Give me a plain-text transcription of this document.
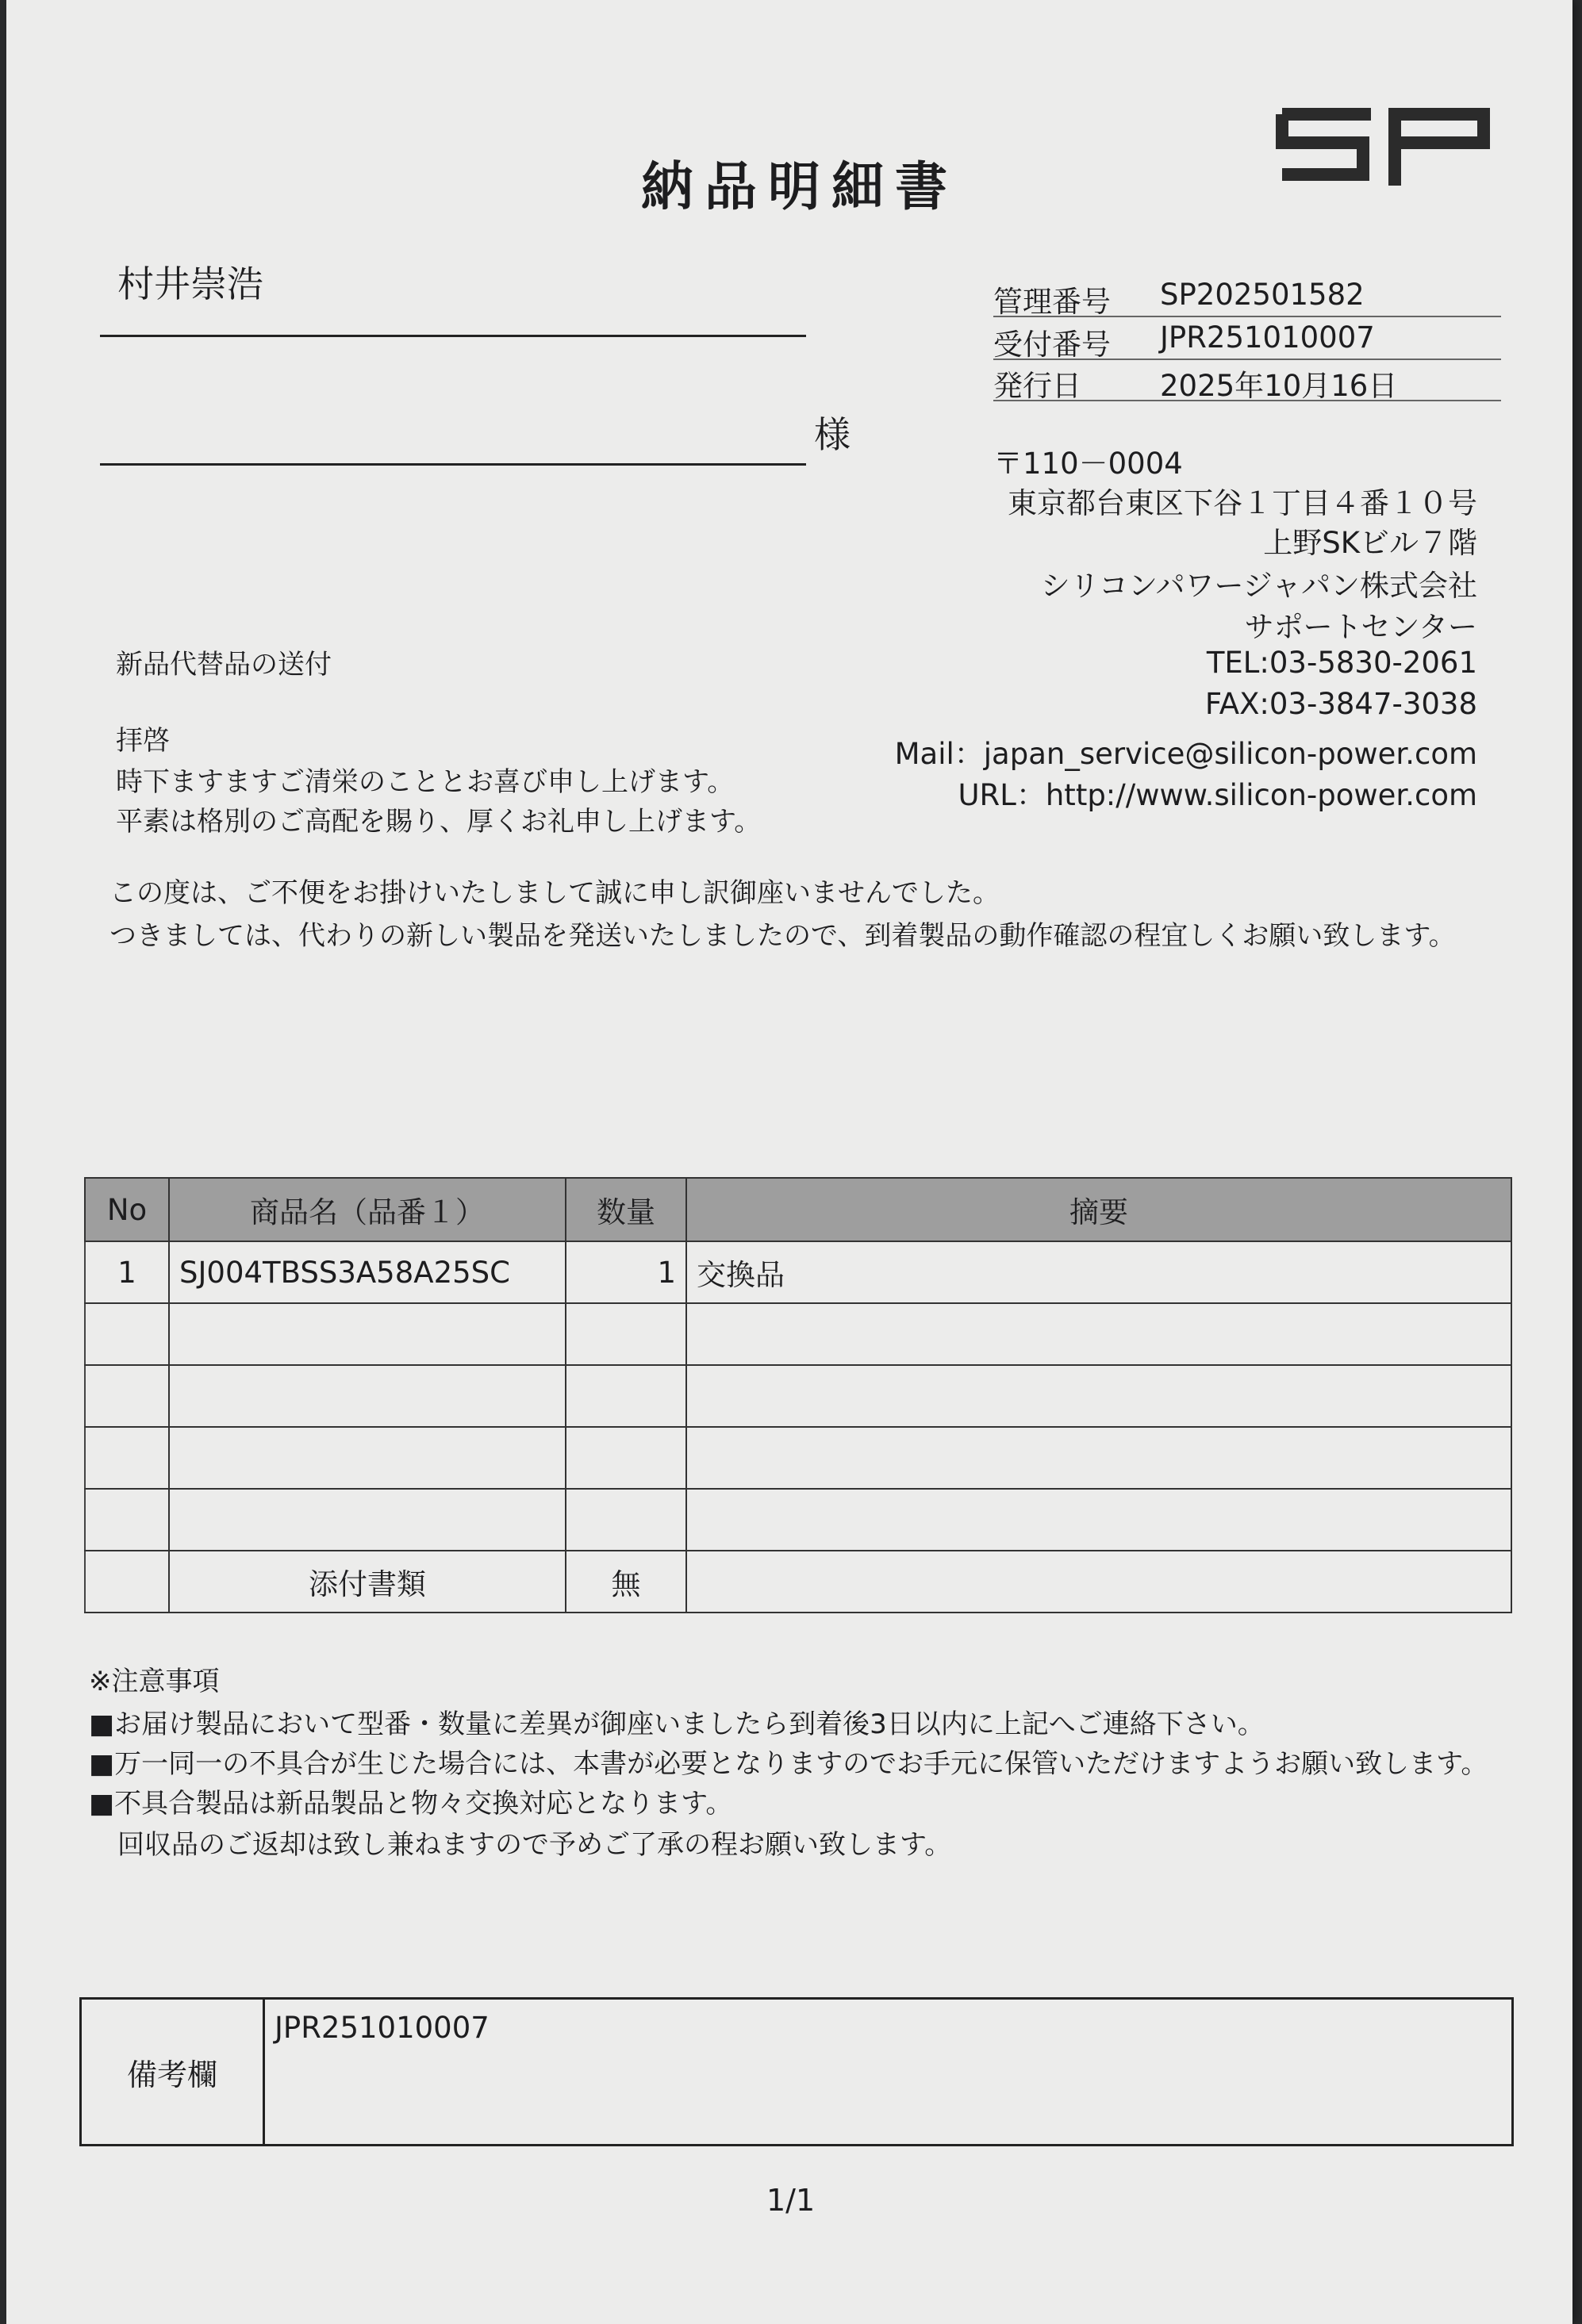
納品明細書
村井崇浩
様
管理番号 SP202501582
受付番号 JPR251010007
発行日	2025年10月16日
〒110－0004
東京都台東区下谷１丁目４番１０号
上野SKビル７階
シリコンパワージャパン株式会社
サポートセンター
TEL:03-5830-2061
FAX:03-3847-3038
Mail：japan_service@silicon-power.com
URL：http://www.silicon-power.com
新品代替品の送付
拝啓
時下ますますご清栄のこととお喜び申し上げます。
平素は格別のご高配を賜り、厚くお礼申し上げます。
この度は、ご不便をお掛けいたしまして誠に申し訳御座いませんでした。
つきましては、代わりの新しい製品を発送いたしましたので、到着製品の動作確認の程宜しくお願い致します。
No	商品名（品番１）	数量	摘要
1	SJ004TBSS3A58A25SC	1	交換品

	添付書類	無	
※注意事項
■お届け製品において型番・数量に差異が御座いましたら到着後3日以内に上記へご連絡下さい。
■万一同一の不具合が生じた場合には、本書が必要となりますのでお手元に保管いただけますようお願い致します。
■不具合製品は新品製品と物々交換対応となります。
回収品のご返却は致し兼ねますので予めご了承の程お願い致します。
備考欄
JPR251010007
1/1
